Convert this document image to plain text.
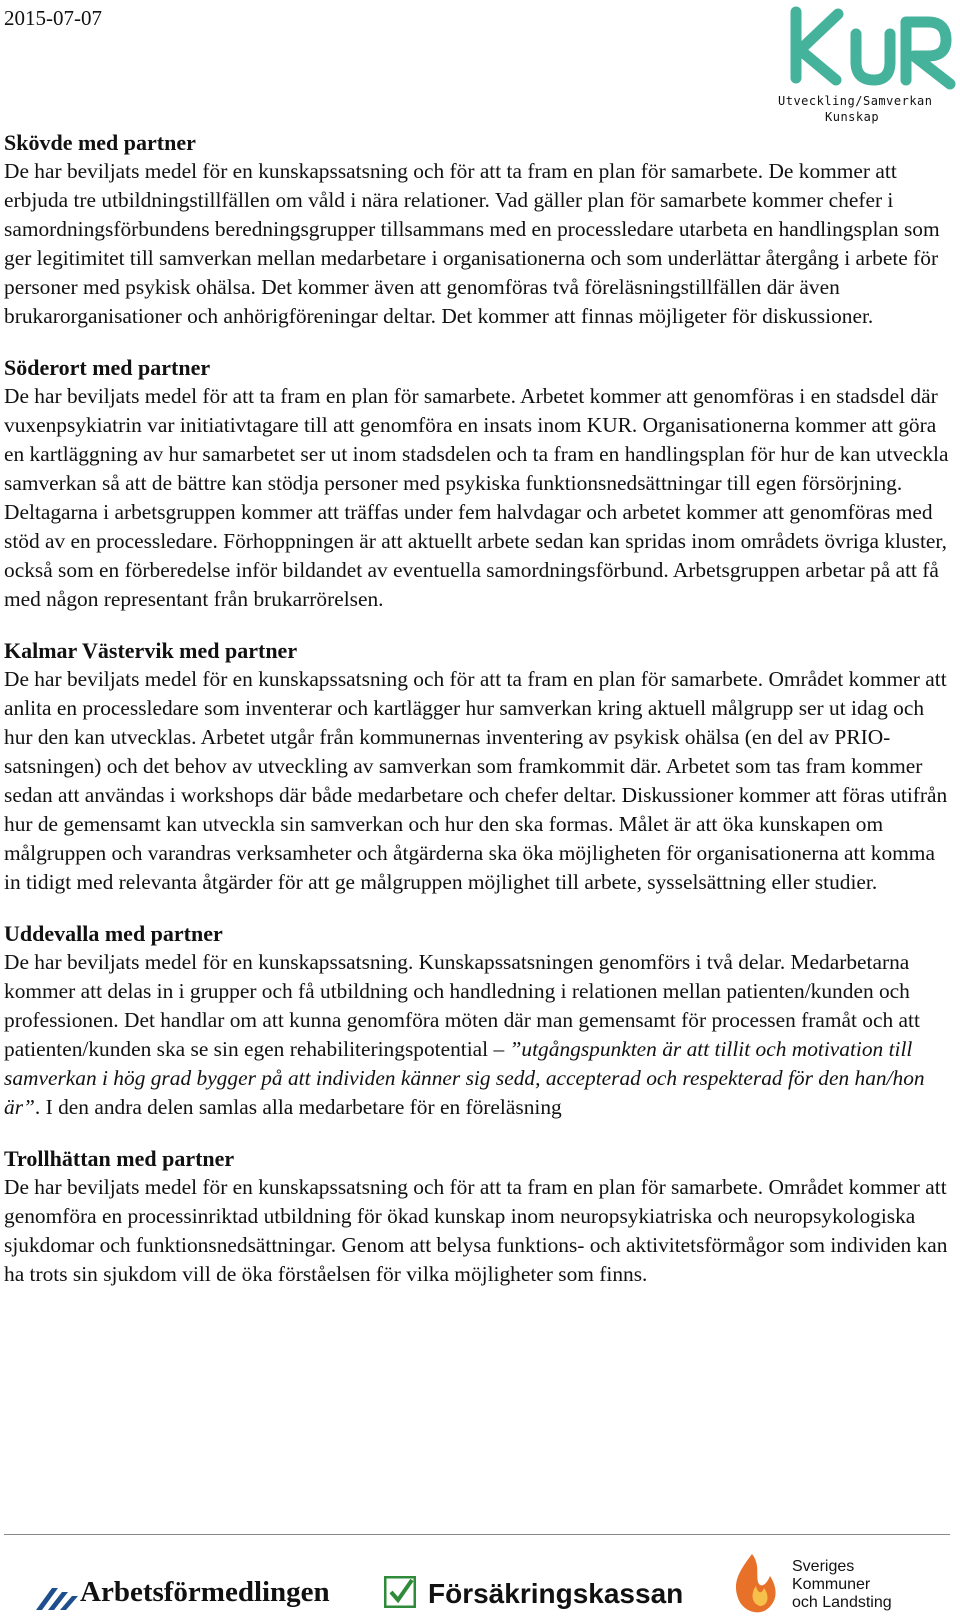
2015-07-07
Utveckling/Samverkan
Kunskap
Skövde med partner

De har beviljats medel för en kunskapssatsning och för att ta fram en plan för samarbete. De kommer att erbjuda tre utbildningstillfällen om våld i nära relationer. Vad gäller plan för samarbete kommer chefer i samordningsförbundens beredningsgrupper tillsammans med en processledare utarbeta en handlingsplan som ger legitimitet till samverkan mellan medarbetare i organisationerna och som underlättar återgång i arbete för personer med psykisk ohälsa. Det kommer även att genomföras två föreläsningstillfällen där även brukarorganisationer och anhörigföreningar deltar. Det kommer att finnas möjligeter för diskussioner.

Söderort med partner

De har beviljats medel för att ta fram en plan för samarbete. Arbetet kommer att genomföras i en stadsdel där vuxenpsykiatrin var initiativtagare till att genomföra en insats inom KUR. Organisationerna kommer att göra en kartläggning av hur samarbetet ser ut inom stadsdelen och ta fram en handlingsplan för hur de kan utveckla samverkan så att de bättre kan stödja personer med psykiska funktionsnedsättningar till egen försörjning. Deltagarna i arbetsgruppen kommer att träffas under fem halvdagar och arbetet kommer att genomföras med stöd av en processledare. Förhoppningen är att aktuellt arbete sedan kan spridas inom områdets övriga kluster, också som en förberedelse inför bildandet av eventuella samordningsförbund. Arbetsgruppen arbetar på att få med någon representant från brukarrörelsen.

Kalmar Västervik med partner

De har beviljats medel för en kunskapssatsning och för att ta fram en plan för samarbete. Området kommer att anlita en processledare som inventerar och kartlägger hur samverkan kring aktuell målgrupp ser ut idag och hur den kan utvecklas. Arbetet utgår från kommunernas inventering av psykisk ohälsa (en del av PRIO-satsningen) och det behov av utveckling av samverkan som framkommit där. Arbetet som tas fram kommer sedan att användas i workshops där både medarbetare och chefer deltar. Diskussioner kommer att föras utifrån hur de gemensamt kan utveckla sin samverkan och hur den ska formas. Målet är att öka kunskapen om målgruppen och varandras verksamheter och åtgärderna ska öka möjligheten för organisationerna att komma in tidigt med relevanta åtgärder för att ge målgruppen möjlighet till arbete, sysselsättning eller studier.

Uddevalla med partner

De har beviljats medel för en kunskapssatsning. Kunskapssatsningen genomförs i två delar. Medarbetarna kommer att delas in i grupper och få utbildning och handledning i relationen mellan patienten/kunden och professionen. Det handlar om att kunna genomföra möten där man gemensamt för processen framåt och att patienten/kunden ska se sin egen rehabiliteringspotential – ”utgångspunkten är att tillit och motivation till samverkan i hög grad bygger på att individen känner sig sedd, accepterad och respekterad för den han/hon är”. I den andra delen samlas alla medarbetare för en föreläsning

Trollhättan med partner

De har beviljats medel för en kunskapssatsning och för att ta fram en plan för samarbete. Området kommer att genomföra en processinriktad utbildning för ökad kunskap inom neuropsykiatriska och neuropsykologiska sjukdomar och funktionsnedsättningar. Genom att belysa funktions- och aktivitetsförmågor som individen kan ha trots sin sjukdom vill de öka förståelsen för vilka möjligheter som finns.

Arbetsförmedlingen	Försäkringskassan
Sveriges
Kommuner
och Landsting
